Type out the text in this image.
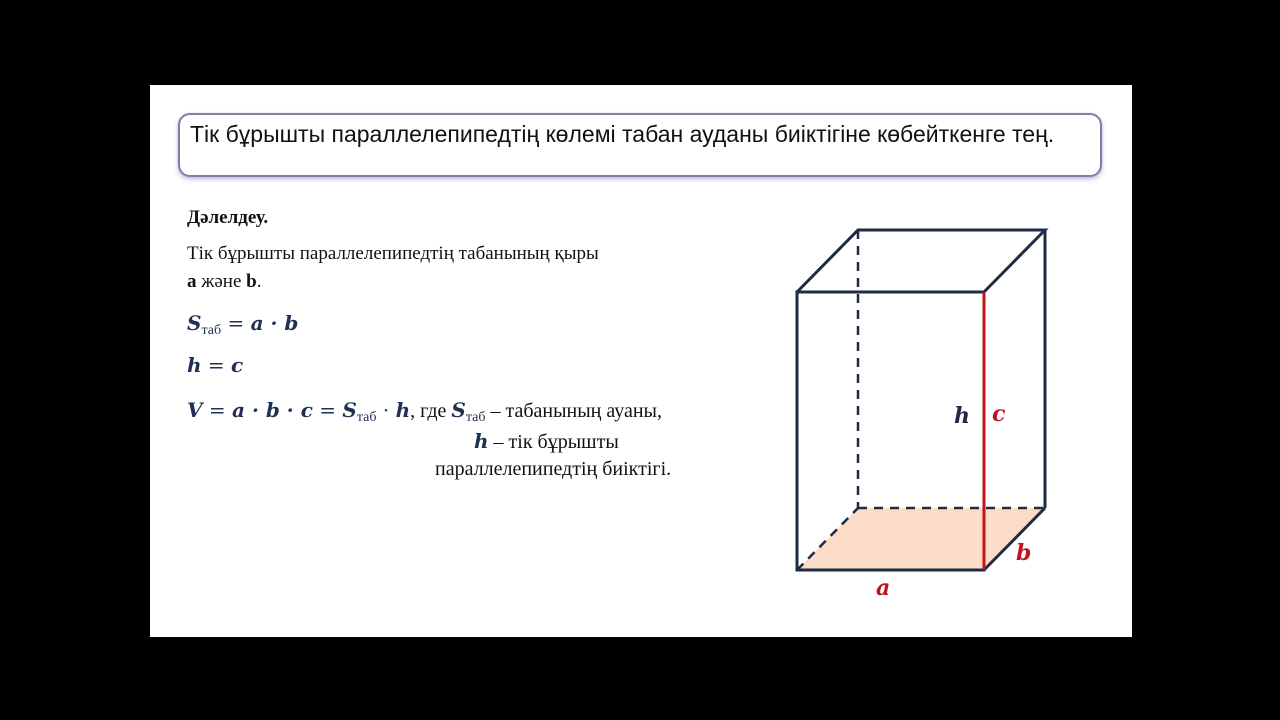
Тік бұрышты параллелепипедтің көлемі табан ауданы биіктігіне көбейткенге тең.
Дәлелдеу.
Тік бұрышты параллелепипедтің табанының қыры
a және b.
$S_{таб} = a \cdot b$
h = c
$V = a \cdot b \cdot c = S_{таб} \cdot h$, где $S_{таб}$ – табанының ауаны,
h – тік бұрышты
параллелепипедтің биіктігі.
h c
a
b
